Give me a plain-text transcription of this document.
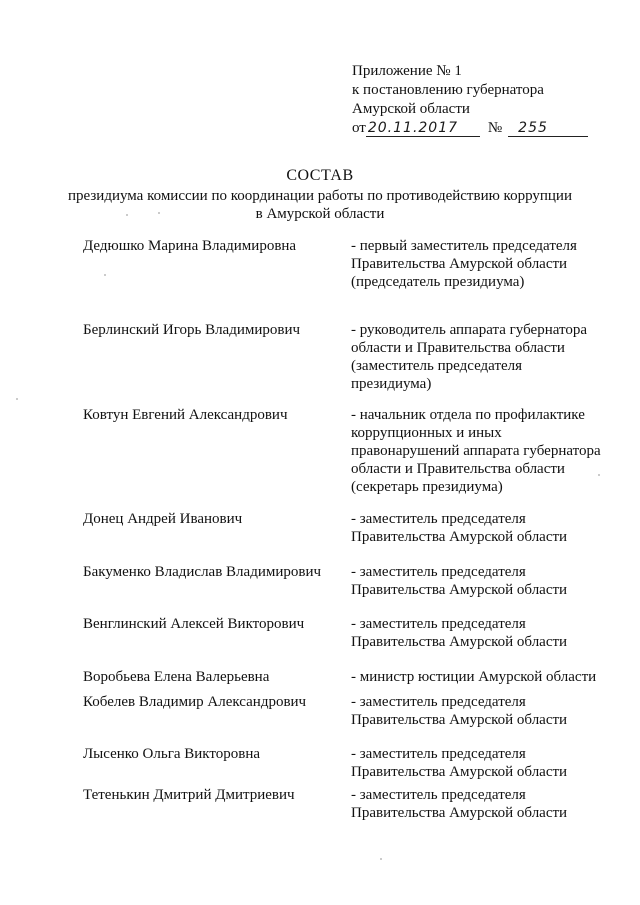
Приложение № 1
к постановлению губернатора
Амурской области
от 20.11.2017 № 255
СОСТАВ
президиума комиссии по координации работы по противодействию коррупции
в Амурской области
Дедюшко Марина Владимировна	- первый заместитель председателя
Правительства Амурской области
(председатель президиума)
Берлинский Игорь Владимирович	- руководитель аппарата губернатора
области и Правительства области
(заместитель председателя
президиума)
Ковтун Евгений Александрович	- начальник отдела по профилактике
коррупционных и иных
правонарушений аппарата губернатора
области и Правительства области
(секретарь президиума)
Донец Андрей Иванович	- заместитель председателя
Правительства Амурской области
Бакуменко Владислав Владимирович - заместитель председателя
Правительства Амурской области
Венглинский Алексей Викторович	- заместитель председателя
Правительства Амурской области
Воробьева Елена Валерьевна	- министр юстиции Амурской области
Кобелев Владимир Александрович	- заместитель председателя
Правительства Амурской области
Лысенко Ольга Викторовна	- заместитель председателя
Правительства Амурской области
Тетенькин Дмитрий Дмитриевич	- заместитель председателя
Правительства Амурской области
